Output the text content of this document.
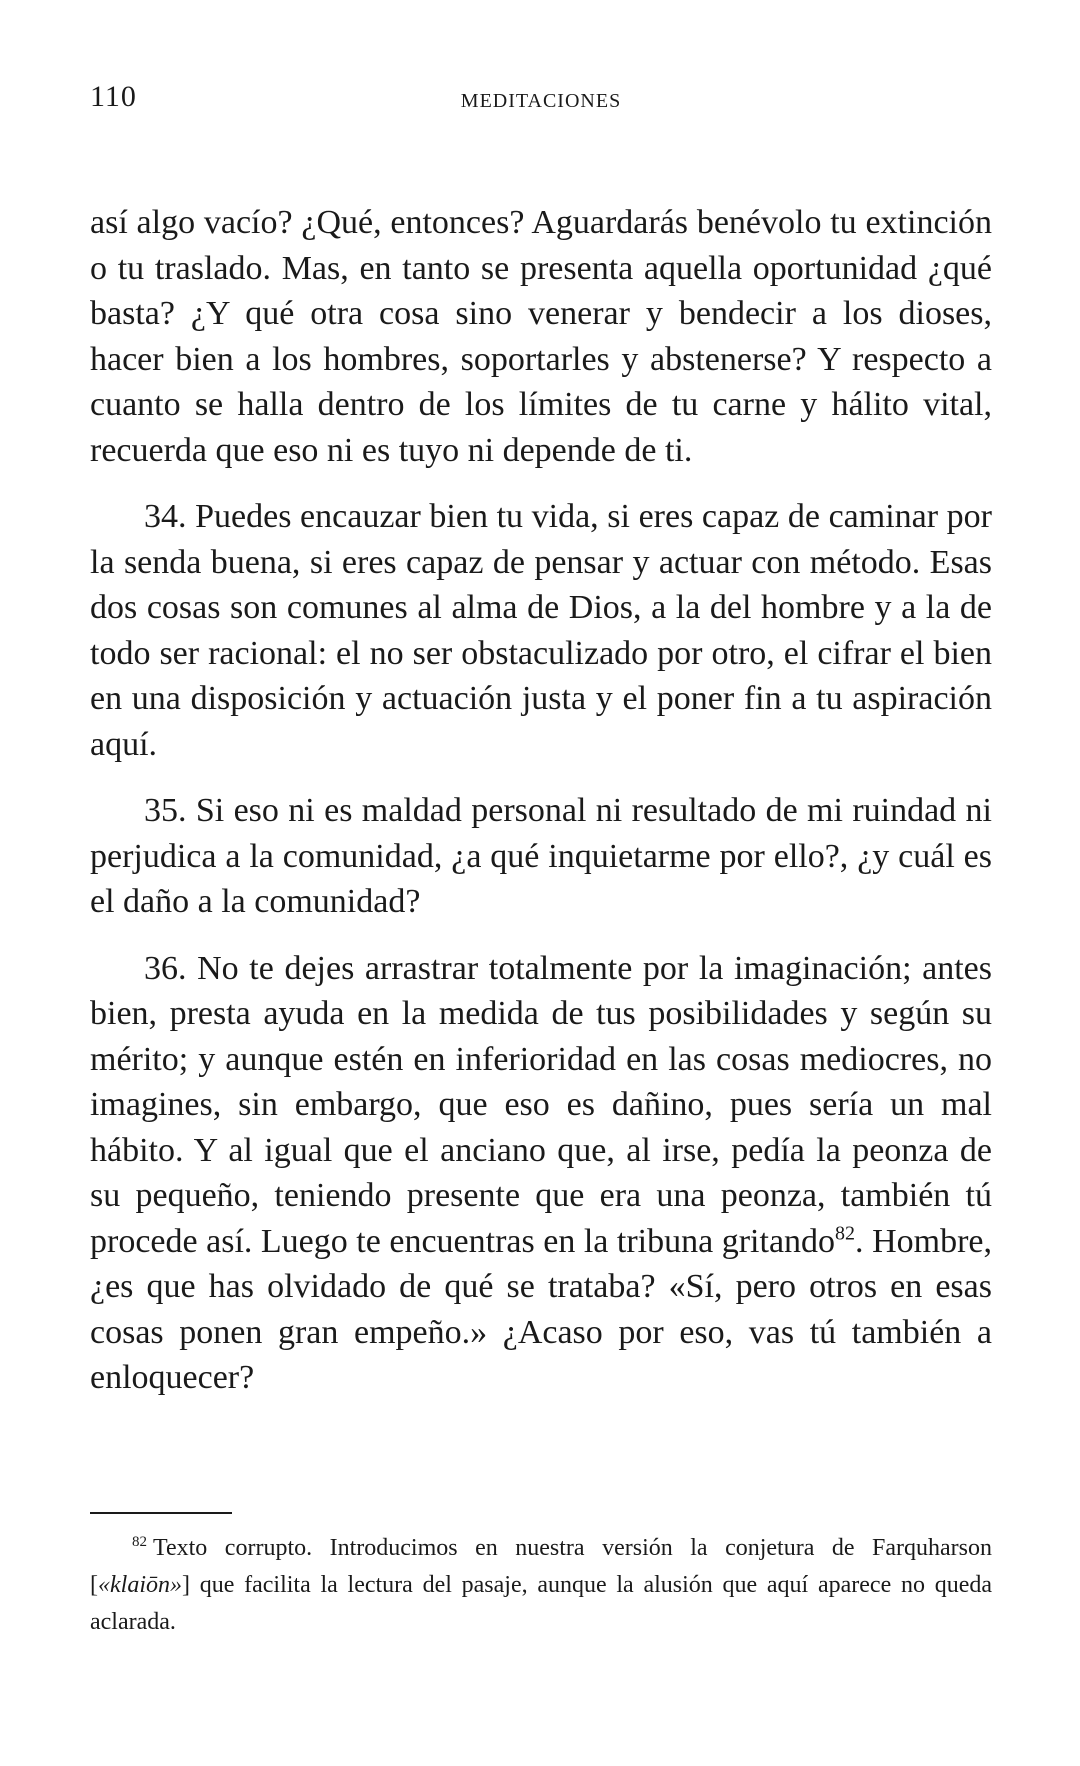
110	MEDITACIONES

así algo vacío? ¿Qué, entonces? Aguardarás benévolo tu extinción o tu traslado. Mas, en tanto se presenta aquella oportunidad ¿qué basta? ¿Y qué otra cosa sino venerar y bendecir a los dioses, hacer bien a los hombres, soportarles y abstenerse? Y respecto a cuanto se halla dentro de los límites de tu carne y hálito vital, recuerda que eso ni es tuyo ni depende de ti.

34. Puedes encauzar bien tu vida, si eres capaz de caminar por la senda buena, si eres capaz de pensar y actuar con método. Esas dos cosas son comunes al alma de Dios, a la del hombre y a la de todo ser racional: el no ser obstaculizado por otro, el cifrar el bien en una disposición y actuación justa y el poner fin a tu aspiración aquí.

35. Si eso ni es maldad personal ni resultado de mi ruindad ni perjudica a la comunidad, ¿a qué inquietarme por ello?, ¿y cuál es el daño a la comunidad?

36. No te dejes arrastrar totalmente por la imaginación; antes bien, presta ayuda en la medida de tus posibilidades y según su mérito; y aunque estén en inferioridad en las cosas mediocres, no imagines, sin embargo, que eso es dañino, pues sería un mal hábito. Y al igual que el anciano que, al irse, pedía la peonza de su pequeño, teniendo presente que era una peonza, también tú procede así. Luego te encuentras en la tribuna gritando$^{82}$. Hombre, ¿es que has olvidado de qué se trataba? «Sí, pero otros en esas cosas ponen gran empeño.» ¿Acaso por eso, vas tú también a enloquecer?

$^{82}$ Texto corrupto. Introducimos en nuestra versión la conjetura de Farquharson [«klaiōn»] que facilita la lectura del pasaje, aunque la alusión que aquí aparece no queda aclarada.
